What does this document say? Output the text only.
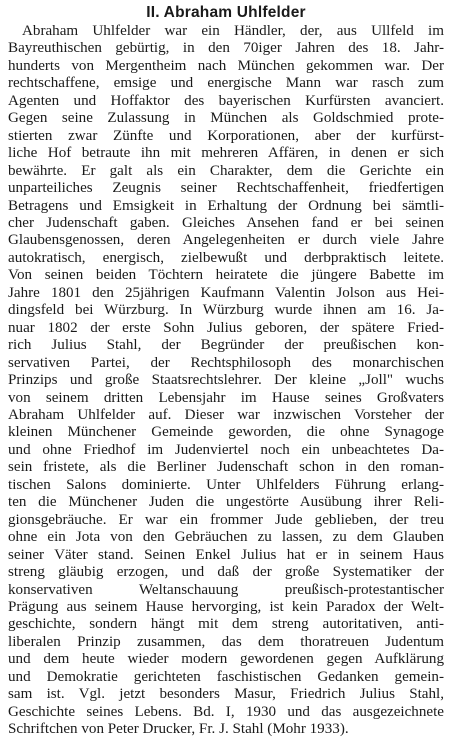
II. Abraham Uhlfelder
Abraham Uhlfelder war ein Händler, der, aus Ullfeld im
Bayreuthischen gebürtig, in den 70iger Jahren des 18. Jahr-
hunderts von Mergentheim nach München gekommen war. Der
rechtschaffene, emsige und energische Mann war rasch zum
Agenten und Hoffaktor des bayerischen Kurfürsten avanciert.
Gegen seine Zulassung in München als Goldschmied prote-
stierten zwar Zünfte und Korporationen, aber der kurfürst-
liche Hof betraute ihn mit mehreren Affären, in denen er sich
bewährte. Er galt als ein Charakter, dem die Gerichte ein
unparteiliches Zeugnis seiner Rechtschaffenheit, friedfertigen
Betragens und Emsigkeit in Erhaltung der Ordnung bei sämtli-
cher Judenschaft gaben. Gleiches Ansehen fand er bei seinen
Glaubensgenossen, deren Angelegenheiten er durch viele Jahre
autokratisch, energisch, zielbewußt und derbpraktisch leitete.
Von seinen beiden Töchtern heiratete die jüngere Babette im
Jahre 1801 den 25jährigen Kaufmann Valentin Jolson aus Hei-
dingsfeld bei Würzburg. In Würzburg wurde ihnen am 16. Ja-
nuar 1802 der erste Sohn Julius geboren, der spätere Fried-
rich Julius Stahl, der Begründer der preußischen kon-
servativen Partei, der Rechtsphilosoph des monarchischen
Prinzips und große Staatsrechtslehrer. Der kleine „Joll" wuchs
von seinem dritten Lebensjahr im Hause seines Großvaters
Abraham Uhlfelder auf. Dieser war inzwischen Vorsteher der
kleinen Münchener Gemeinde geworden, die ohne Synagoge
und ohne Friedhof im Judenviertel noch ein unbeachtetes Da-
sein fristete, als die Berliner Judenschaft schon in den roman-
tischen Salons dominierte. Unter Uhlfelders Führung erlang-
ten die Münchener Juden die ungestörte Ausübung ihrer Reli-
gionsgebräuche. Er war ein frommer Jude geblieben, der treu
ohne ein Jota von den Gebräuchen zu lassen, zu dem Glauben
seiner Väter stand. Seinen Enkel Julius hat er in seinem Haus
streng gläubig erzogen, und daß der große Systematiker der
konservativen Weltanschauung preußisch-protestantischer
Prägung aus seinem Hause hervorging, ist kein Paradox der Welt-
geschichte, sondern hängt mit dem streng autoritativen, anti-
liberalen Prinzip zusammen, das dem thoratreuen Judentum
und dem heute wieder modern gewordenen gegen Aufklärung
und Demokratie gerichteten faschistischen Gedanken gemein-
sam ist. Vgl. jetzt besonders Masur, Friedrich Julius Stahl,
Geschichte seines Lebens. Bd. I, 1930 und das ausgezeichnete
Schriftchen von Peter Drucker, Fr. J. Stahl (Mohr 1933).
